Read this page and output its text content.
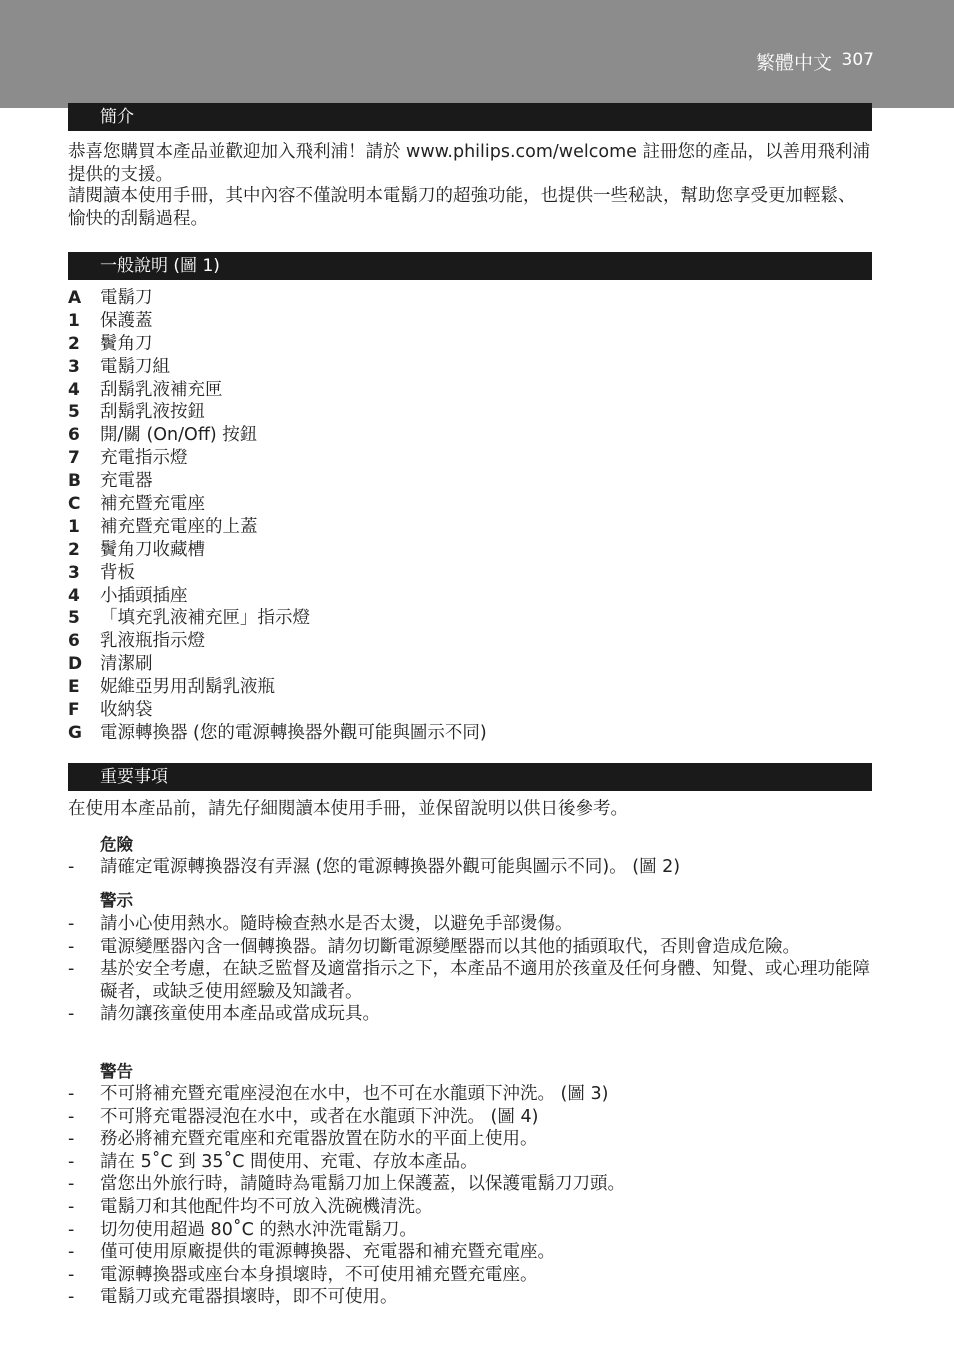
繁體中文 307
簡介

恭喜您購買本產品並歡迎加入飛利浦！請於 www.philips.com/welcome 註冊您的產品，以善用飛利浦提供的支援。

請閱讀本使用手冊，其中內容不僅說明本電鬍刀的超強功能，也提供一些秘訣，幫助您享受更加輕鬆、愉快的刮鬍過程。

一般說明 (圖 1)
A 電鬍刀
1 保護蓋
2 鬢角刀
3 電鬍刀組
4 刮鬍乳液補充匣
5 刮鬍乳液按鈕
6 開/關 (On/Off) 按鈕
7 充電指示燈
B 充電器
C 補充暨充電座
1 補充暨充電座的上蓋
2 鬢角刀收藏槽
3 背板
4 小插頭插座
5 「填充乳液補充匣」指示燈
6 乳液瓶指示燈
D 清潔刷
E 妮維亞男用刮鬍乳液瓶
F 收納袋
G 電源轉換器 (您的電源轉換器外觀可能與圖示不同)
重要事項

在使用本產品前，請先仔細閱讀本使用手冊，並保留說明以供日後參考。

危險
- 請確定電源轉換器沒有弄濕 (您的電源轉換器外觀可能與圖示不同)。 (圖 2)
警示
- 請小心使用熱水。隨時檢查熱水是否太燙，以避免手部燙傷。
- 電源變壓器內含一個轉換器。請勿切斷電源變壓器而以其他的插頭取代，否則會造成危險。
- 基於安全考慮，在缺乏監督及適當指示之下，本產品不適用於孩童及任何身體、知覺、或心理功能障礙者，或缺乏使用經驗及知識者。
- 請勿讓孩童使用本產品或當成玩具。
警告
- 不可將補充暨充電座浸泡在水中，也不可在水龍頭下沖洗。 (圖 3)
- 不可將充電器浸泡在水中，或者在水龍頭下沖洗。 (圖 4)
- 務必將補充暨充電座和充電器放置在防水的平面上使用。
- 請在 5˚C 到 35˚C 間使用、充電、存放本產品。
- 當您出外旅行時，請隨時為電鬍刀加上保護蓋，以保護電鬍刀刀頭。
- 電鬍刀和其他配件均不可放入洗碗機清洗。
- 切勿使用超過 80˚C 的熱水沖洗電鬍刀。
- 僅可使用原廠提供的電源轉換器、充電器和補充暨充電座。
- 電源轉換器或座台本身損壞時，不可使用補充暨充電座。
- 電鬍刀或充電器損壞時，即不可使用。
